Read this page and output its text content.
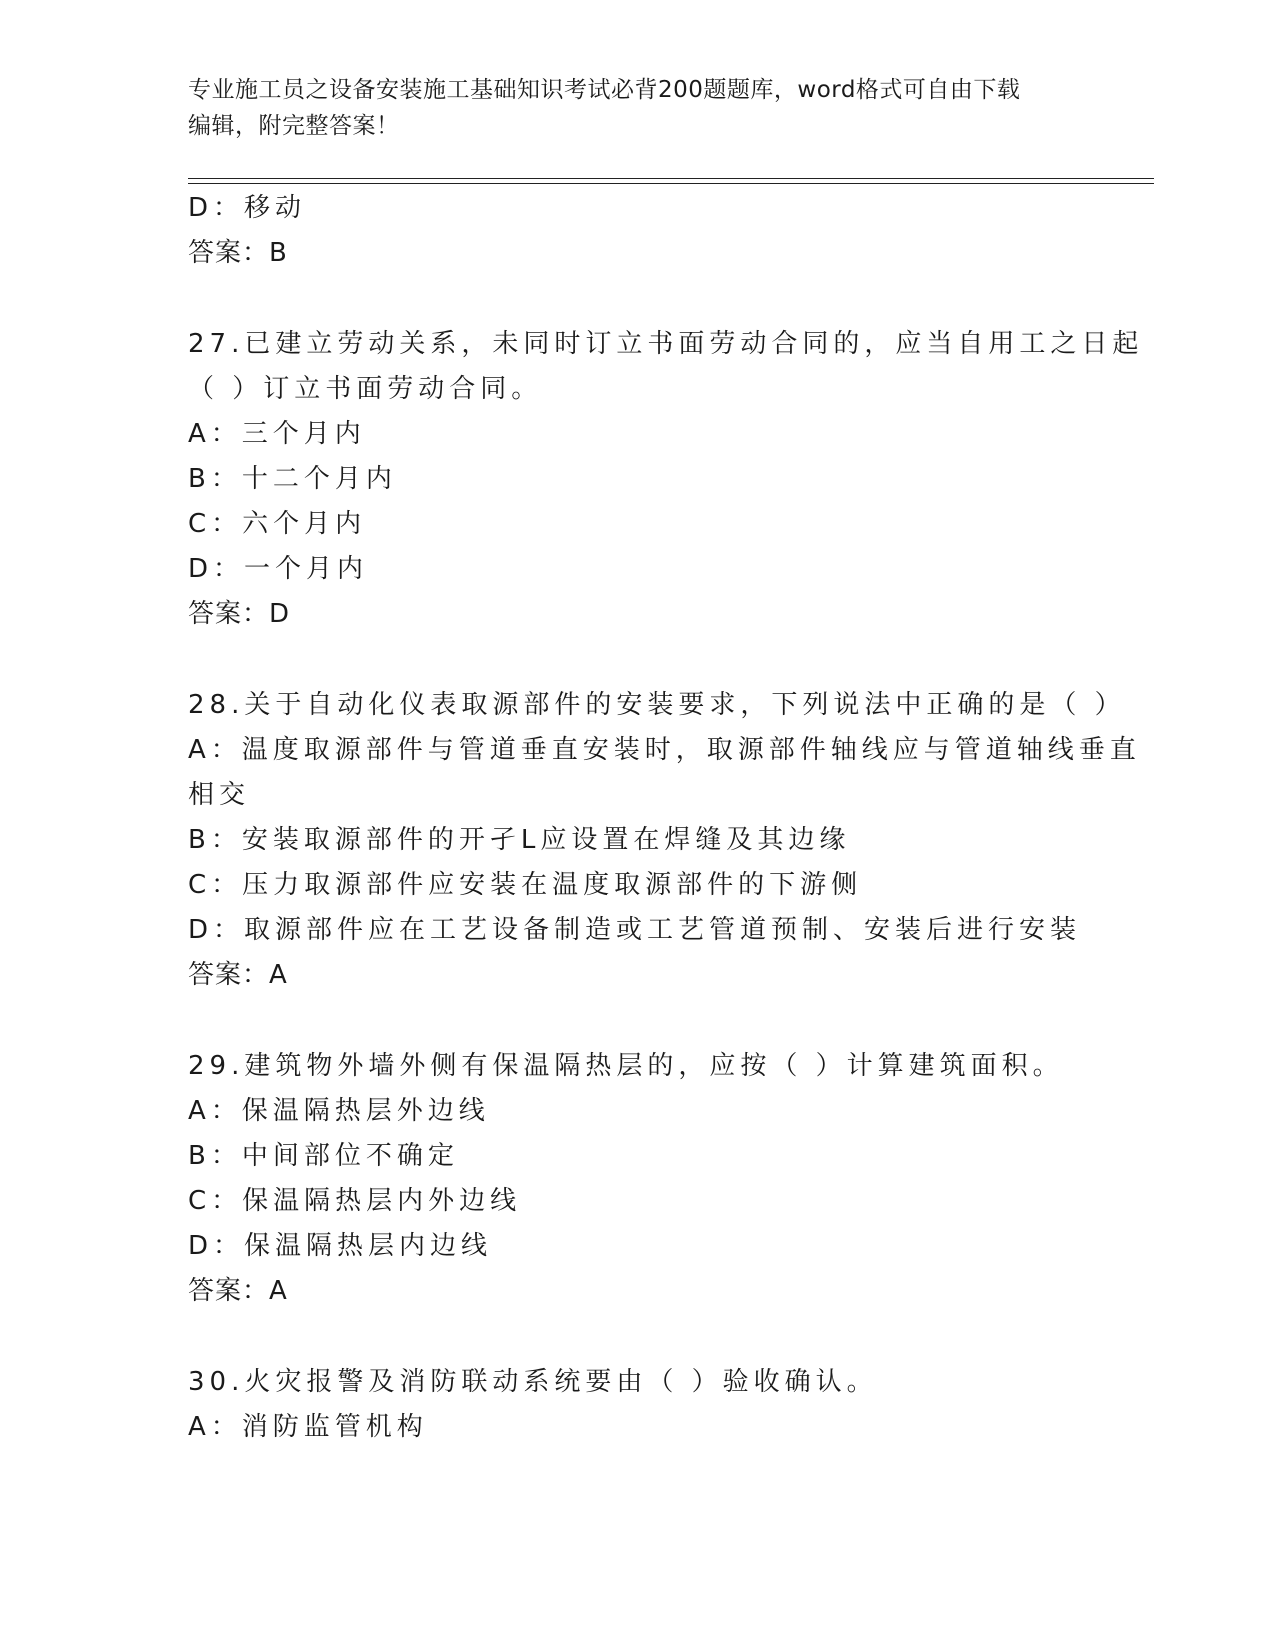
专业施工员之设备安装施工基础知识考试必背200题题库，word格式可自由下载
编辑，附完整答案！
D：移动
答案：B
27.已建立劳动关系，未同时订立书面劳动合同的，应当自用工之日起
（ ）订立书面劳动合同。
A：三个月内
B：十二个月内
C：六个月内
D：一个月内
答案：D
28.关于自动化仪表取源部件的安装要求，下列说法中正确的是（ ）
A：温度取源部件与管道垂直安装时，取源部件轴线应与管道轴线垂直
相交
B：安装取源部件的开孑L应设置在焊缝及其边缘
C：压力取源部件应安装在温度取源部件的下游侧
D：取源部件应在工艺设备制造或工艺管道预制、安装后进行安装
答案：A
29.建筑物外墙外侧有保温隔热层的，应按（ ）计算建筑面积。
A：保温隔热层外边线
B：中间部位不确定
C：保温隔热层内外边线
D：保温隔热层内边线
答案：A
30.火灾报警及消防联动系统要由（ ）验收确认。
A：消防监管机构
